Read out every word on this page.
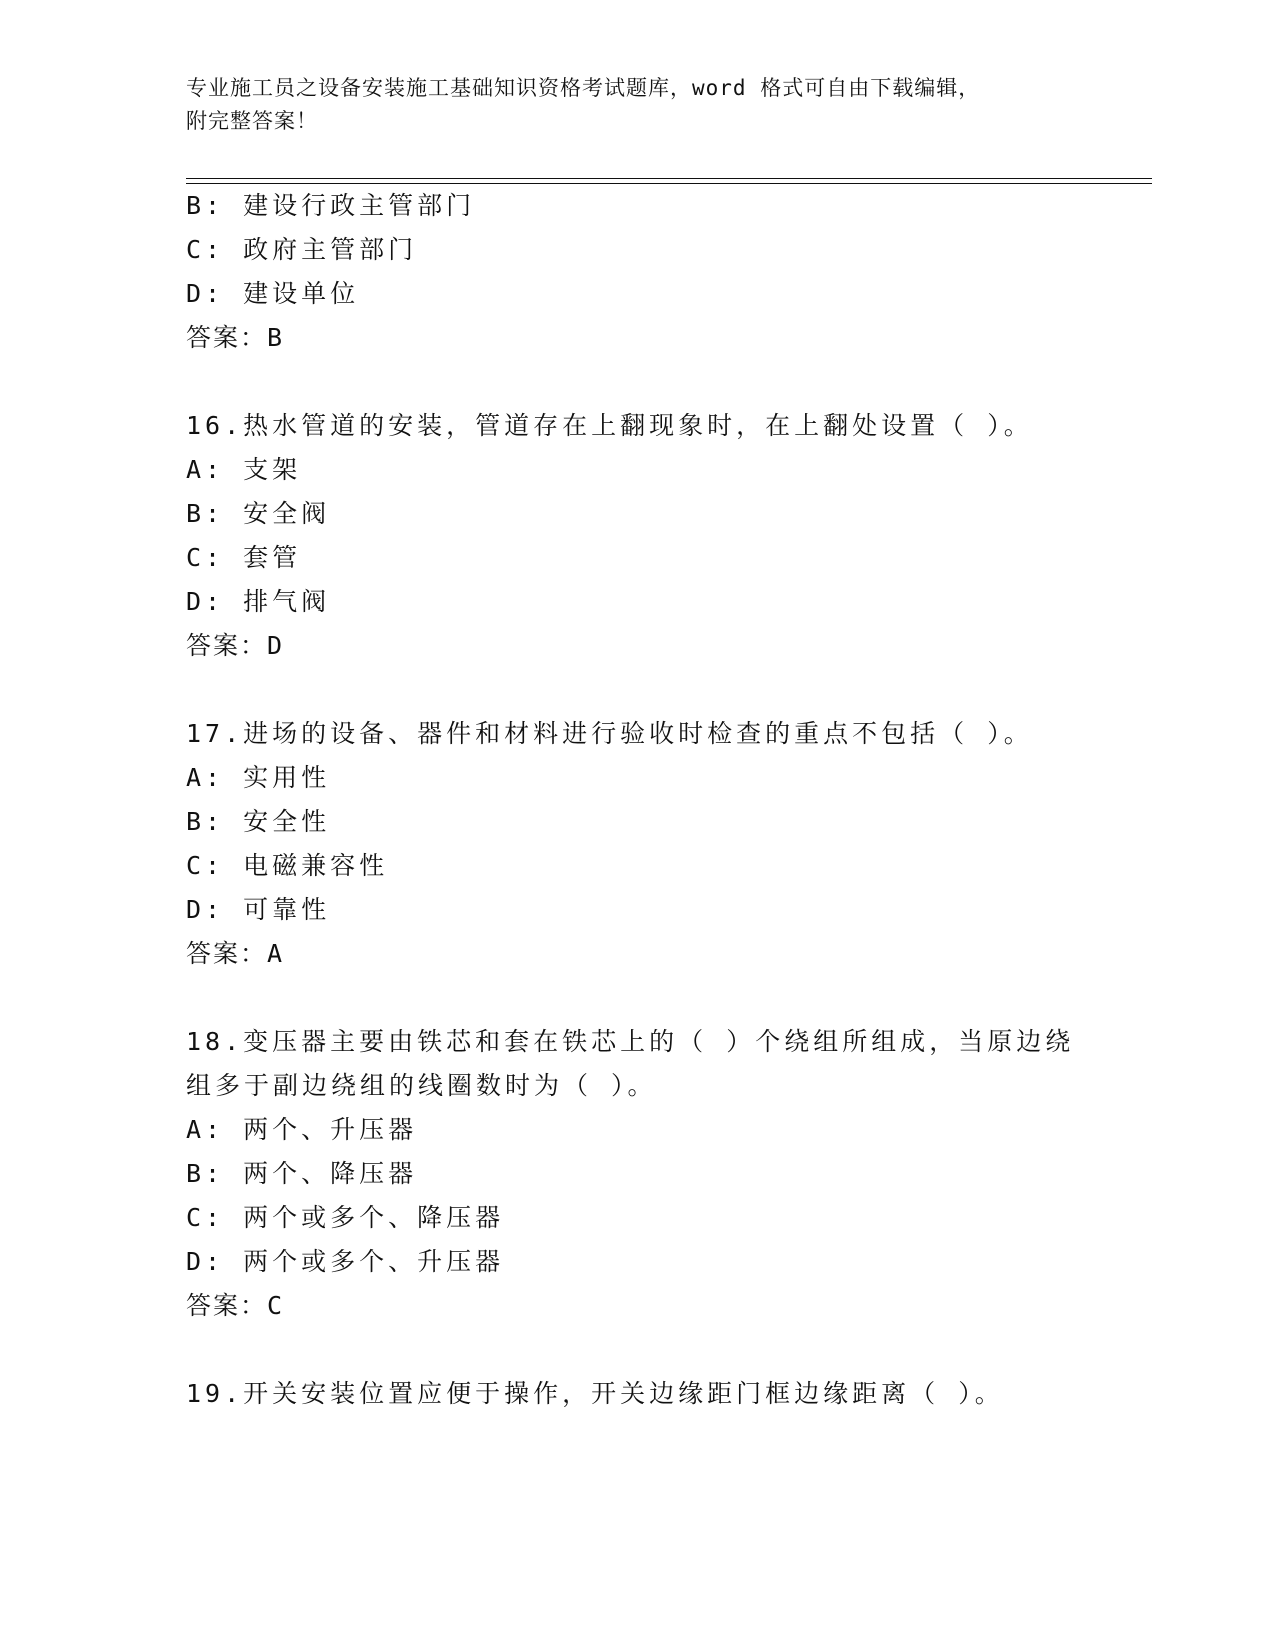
专业施工员之设备安装施工基础知识资格考试题库，word 格式可自由下载编辑，
附完整答案！
B: 建设行政主管部门
C: 政府主管部门
D: 建设单位
答案：B
16.热水管道的安装，管道存在上翻现象时，在上翻处设置（ ）。
A: 支架
B: 安全阀
C: 套管
D: 排气阀
答案：D
17.进场的设备、器件和材料进行验收时检查的重点不包括（ ）。
A: 实用性
B: 安全性
C: 电磁兼容性
D: 可靠性
答案：A
18.变压器主要由铁芯和套在铁芯上的（ ）个绕组所组成，当原边绕
组多于副边绕组的线圈数时为（ ）。
A: 两个、升压器
B: 两个、降压器
C: 两个或多个、降压器
D: 两个或多个、升压器
答案：C
19.开关安装位置应便于操作，开关边缘距门框边缘距离（ ）。
